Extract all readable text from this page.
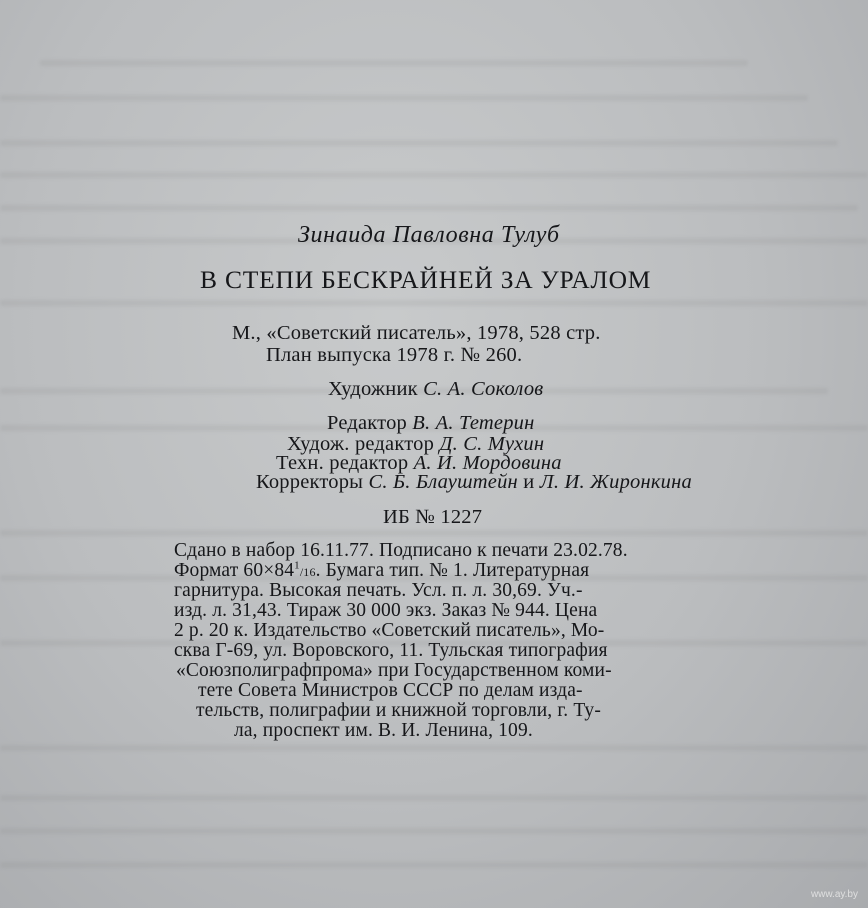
Зинаида Павловна Тулуб
В СТЕПИ БЕСКРАЙНЕЙ ЗА УРАЛОМ
М., «Советский писатель», 1978, 528 стр.
План выпуска 1978 г. № 260.
Художник С. А. Соколов
Редактор В. А. Тетерин
Худож. редактор Д. С. Мухин
Техн. редактор А. И. Мордовина
Корректоры С. Б. Блауштейн и Л. И. Жиронкина
ИБ № 1227
Сдано в набор 16.11.77. Подписано к печати 23.02.78.
Формат $60\times 84^1/16$. Бумага тип. № 1. Литературная
гарнитура. Высокая печать. Усл. п. л. 30,69. Уч.-
изд. л. 31,43. Тираж 30 000 экз. Заказ № 944. Цена
2 р. 20 к. Издательство «Советский писатель», Мо-
сква Г-69, ул. Воровского, 11. Тульская типография
«Союзполиграфпрома» при Государственном коми-
тете Совета Министров СССР по делам изда-
тельств, полиграфии и книжной торговли, г. Ту-
ла, проспект им. В. И. Ленина, 109.
www.ay.by
